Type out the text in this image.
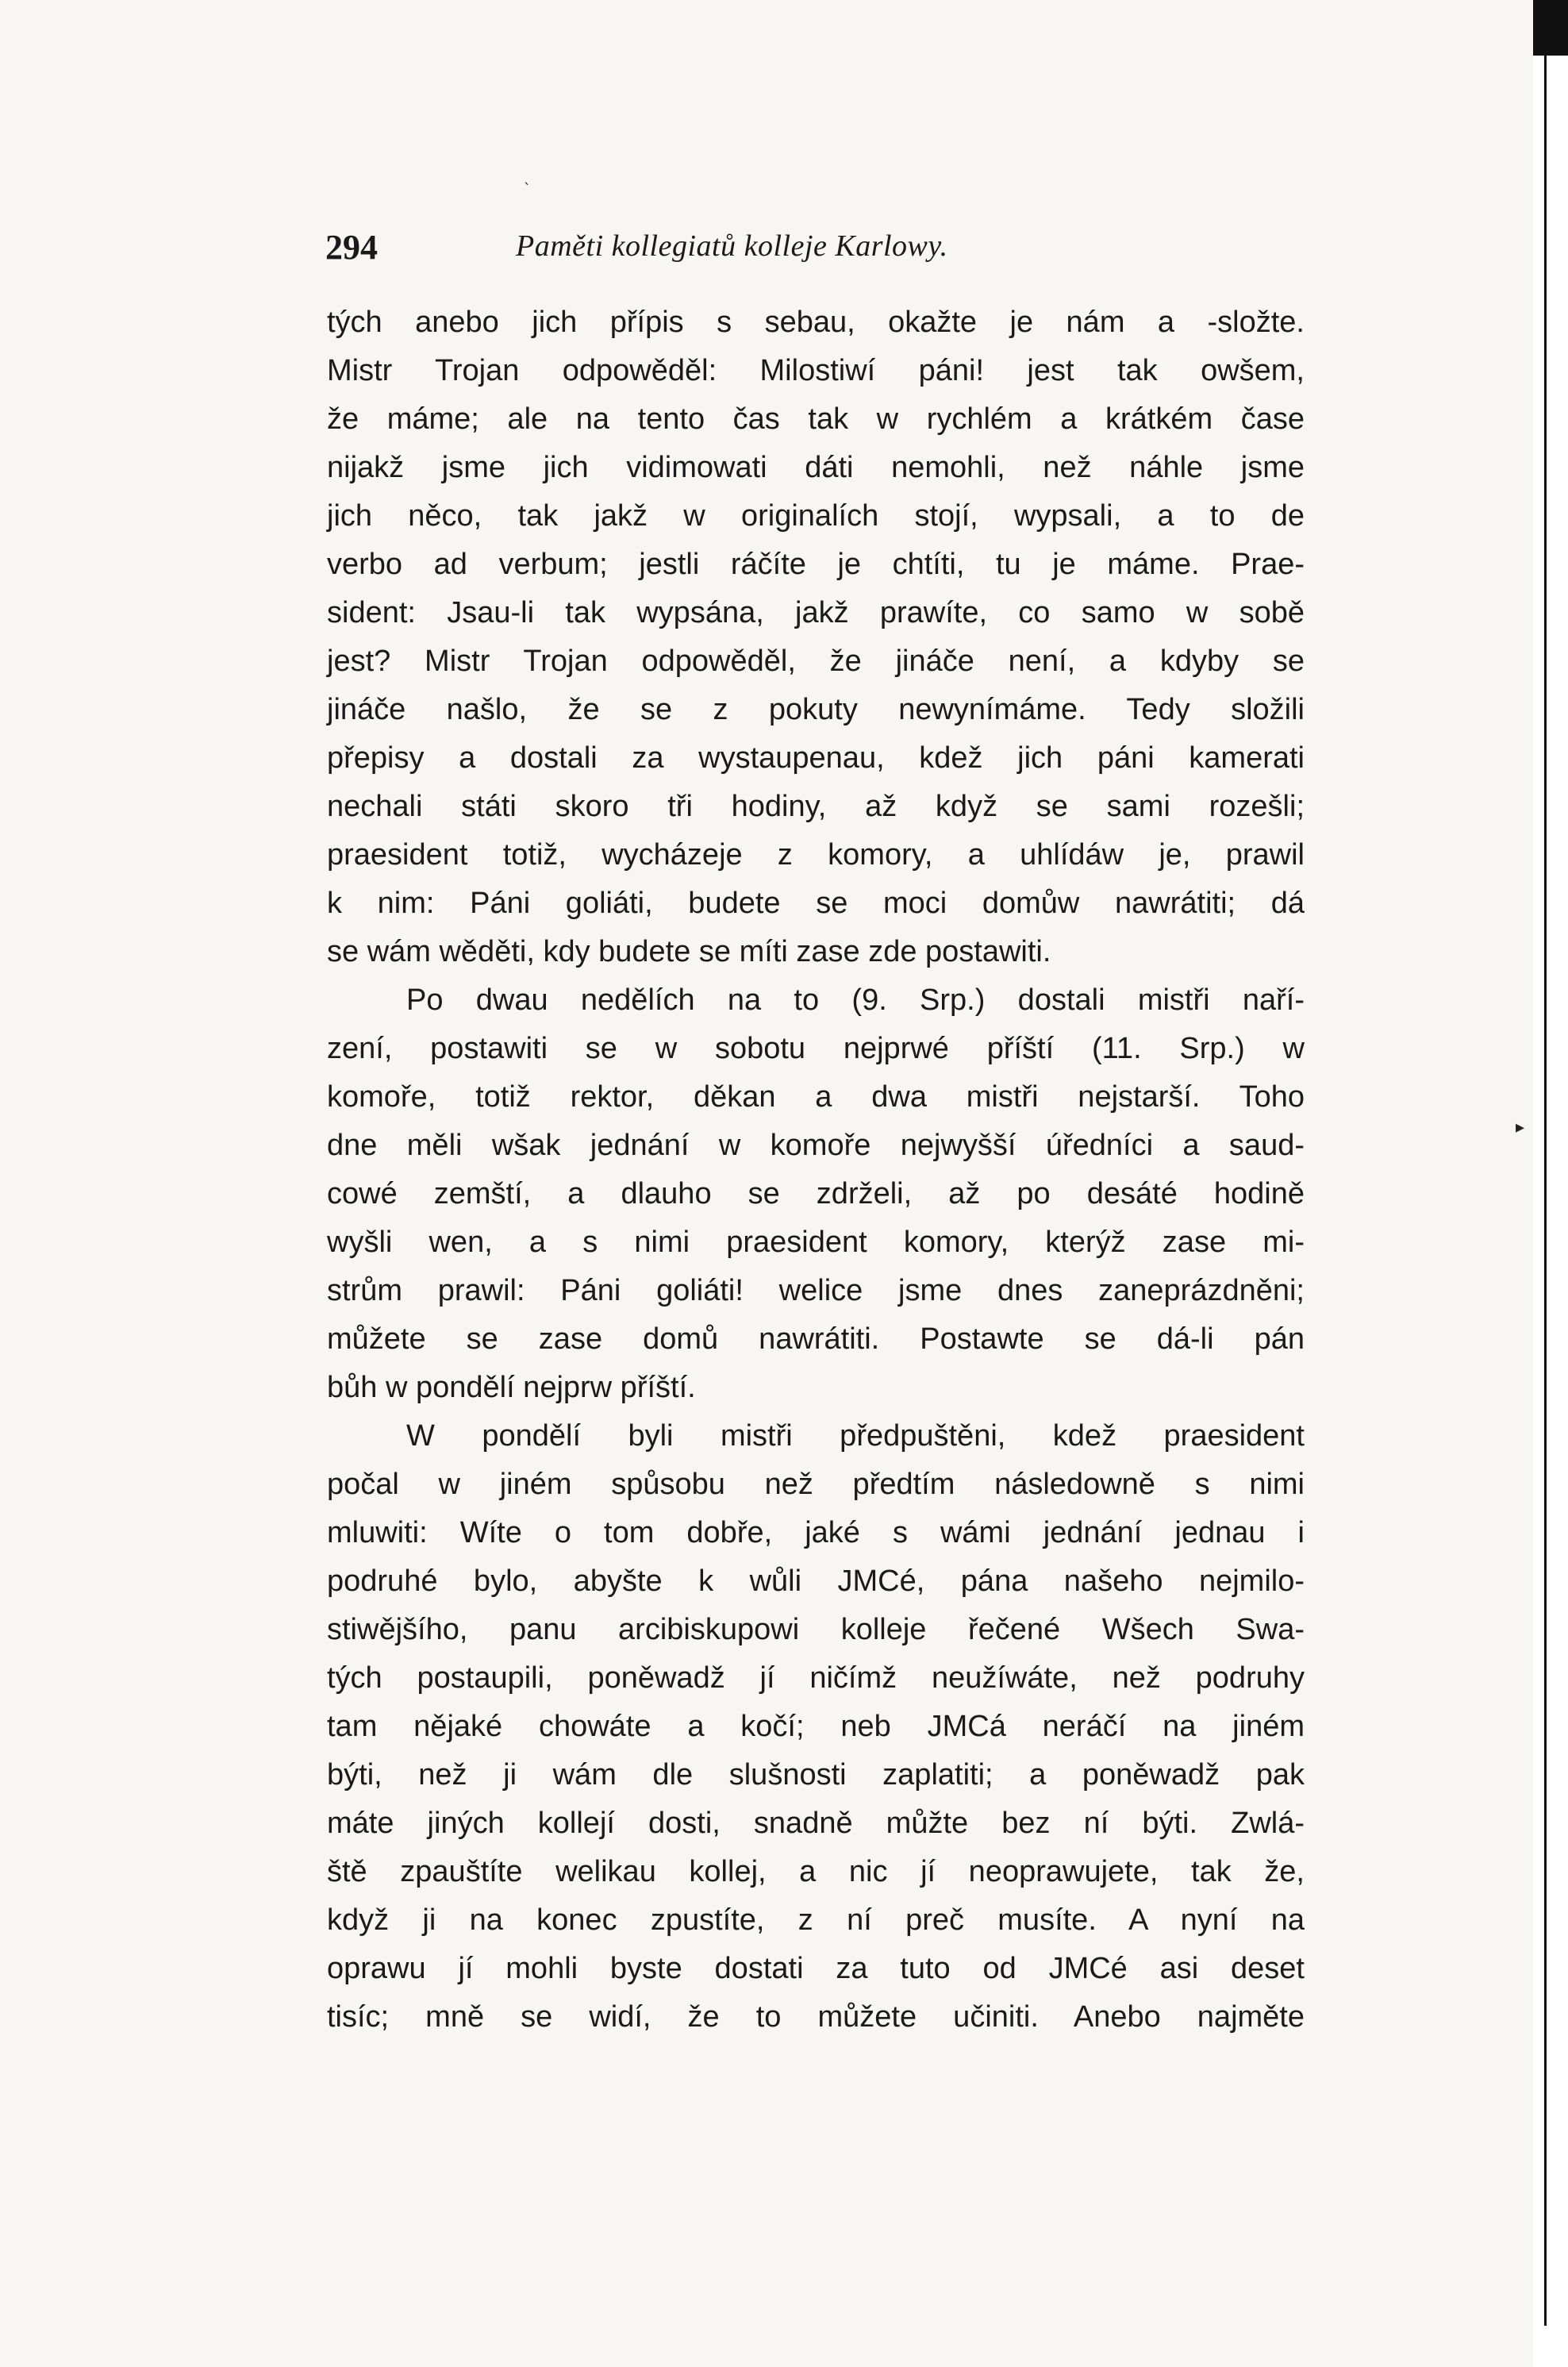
294	Paměti kollegiatů kolleje Karlowy.
tých anebo jich přípis s sebau, okažte je nám a -složte.
Mistr Trojan odpowěděl: Milostiwí páni! jest tak owšem,
že máme; ale na tento čas tak w rychlém a krátkém čase
nijakž jsme jich vidimowati dáti nemohli, než náhle jsme
jich něco, tak jakž w originalích stojí, wypsali, a to de
verbo ad verbum; jestli ráčíte je chtíti, tu je máme. Prae-
sident: Jsau-li tak wypsána, jakž prawíte, co samo w sobě
jest? Mistr Trojan odpowěděl, že jináče není, a kdyby se
jináče našlo, že se z pokuty newynímáme. Tedy složili
přepisy a dostali za wystaupenau, kdež jich páni kamerati
nechali státi skoro tři hodiny, až když se sami rozešli;
praesident totiž, wycházeje z komory, a uhlídáw je, prawil
k nim: Páni goliáti, budete se moci domůw nawrátiti; dá
se wám wěděti, kdy budete se míti zase zde postawiti.
Po dwau nedělích na to (9. Srp.) dostali mistři naří-
zení, postawiti se w sobotu nejprwé příští (11. Srp.) w
komoře, totiž rektor, děkan a dwa mistři nejstarší. Toho
dne měli wšak jednání w komoře nejwyšší úředníci a saud-
cowé zemští, a dlauho se zdrželi, až po desáté hodině
wyšli wen, a s nimi praesident komory, kterýž zase mi-
strům prawil: Páni goliáti! welice jsme dnes zaneprázdněni;
můžete se zase domů nawrátiti. Postawte se dá-li pán
bůh w pondělí nejprw příští.
W pondělí byli mistři předpuštěni, kdež praesident
počal w jiném spůsobu než předtím následowně s nimi
mluwiti: Wíte o tom dobře, jaké s wámi jednání jednau i
podruhé bylo, abyšte k wůli JMCé, pána našeho nejmilo-
stiwějšího, panu arcibiskupowi kolleje řečené Wšech Swa-
tých postaupili, poněwadž jí ničímž neužíwáte, než podruhy
tam nějaké chowáte a kočí; neb JMCá neráčí na jiném
býti, než ji wám dle slušnosti zaplatiti; a poněwadž pak
máte jiných kollejí dosti, snadně můžte bez ní býti. Zwlá-
ště zpauštíte welikau kollej, a nic jí neoprawujete, tak že,
když ji na konec zpustíte, z ní preč musíte. A nyní na
oprawu jí mohli byste dostati za tuto od JMCé asi deset
tisíc; mně se widí, že to můžete učiniti. Anebo najměte
ˋ
▸
